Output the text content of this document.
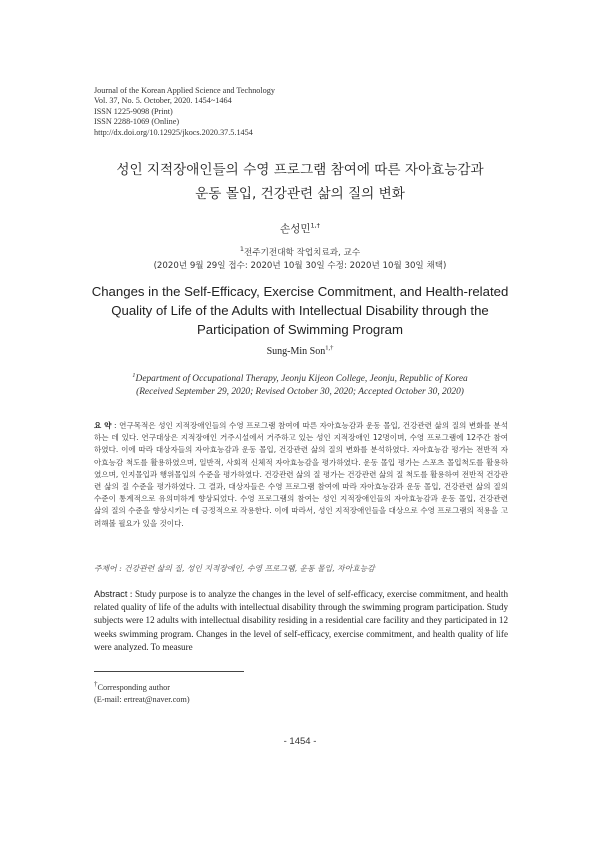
Journal of the Korean Applied Science and Technology
Vol. 37, No. 5. October, 2020. 1454~1464
ISSN 1225-9098 (Print)
ISSN 2288-1069 (Online)
http://dx.doi.org/10.12925/jkocs.2020.37.5.1454
성인 지적장애인들의 수영 프로그램 참여에 따른 자아효능감과
운동 몰입, 건강관련 삶의 질의 변화
손성민$^{1,\dagger}$
$^1$전주기전대학 작업치료과, 교수
(2020년 9월 29일 접수: 2020년 10월 30일 수정: 2020년 10월 30일 채택)
Changes in the Self-Efficacy, Exercise Commitment, and Health-related
Quality of Life of the Adults with Intellectual Disability through the
Participation of Swimming Program
Sung-Min Son$^{1,\dagger}$
$^1$Department of Occupational Therapy, Jeonju Kijeon College, Jeonju, Republic of Korea
(Received September 29, 2020; Revised October 30, 2020; Accepted October 30, 2020)
요 약 : 연구목적은 성인 지적장애인들의 수영 프로그램 참여에 따른 자아효능감과 운동 몰입, 건강관련 삶의 질의 변화를 분석하는 데 있다. 연구대상은 지적장애인 거주시설에서 거주하고 있는 성인 지적장애인 12명이며, 수영 프로그램에 12주간 참여하였다. 이에 따라 대상자들의 자아효능감과 운동 몰입, 건강관련 삶의 질의 변화를 분석하였다. 자아효능감 평가는 전반적 자아효능감 척도를 활용하였으며, 일반적, 사회적 신체적 자아효능감을 평가하였다. 운동 몰입 평가는 스포츠 몰입척도를 활용하였으며, 인지몰입과 행위몰입의 수준을 평가하였다. 건강관련 삶의 질 평가는 건강관련 삶의 질 척도를 활용하여 전반적 건강관련 삶의 질 수준을 평가하였다. 그 결과, 대상자들은 수영 프로그램 참여에 따라 자아효능감과 운동 몰입, 건강관련 삶의 질의 수준이 통계적으로 유의미하게 향상되었다. 수영 프로그램의 참여는 성인 지적장애인들의 자아효능감과 운동 몰입, 건강관련 삶의 질의 수준을 향상시키는 데 긍정적으로 작용한다. 이에 따라서, 성인 지적장애인들을 대상으로 수영 프로그램의 적용을 고려해볼 필요가 있을 것이다.
주제어 : 건강관련 삶의 질, 성인 지적장애인, 수영 프로그램, 운동 몰입, 자아효능감
Abstract : Study purpose is to analyze the changes in the level of self-efficacy, exercise commitment, and health related quality of life of the adults with intellectual disability through the swimming program participation. Study subjects were 12 adults with intellectual disability residing in a residential care facility and they participated in 12 weeks swimming program. Changes in the level of self-efficacy, exercise commitment, and health quality of life were analyzed. To measure
†Corresponding author
(E-mail: ertreat@naver.com)
- 1454 -
